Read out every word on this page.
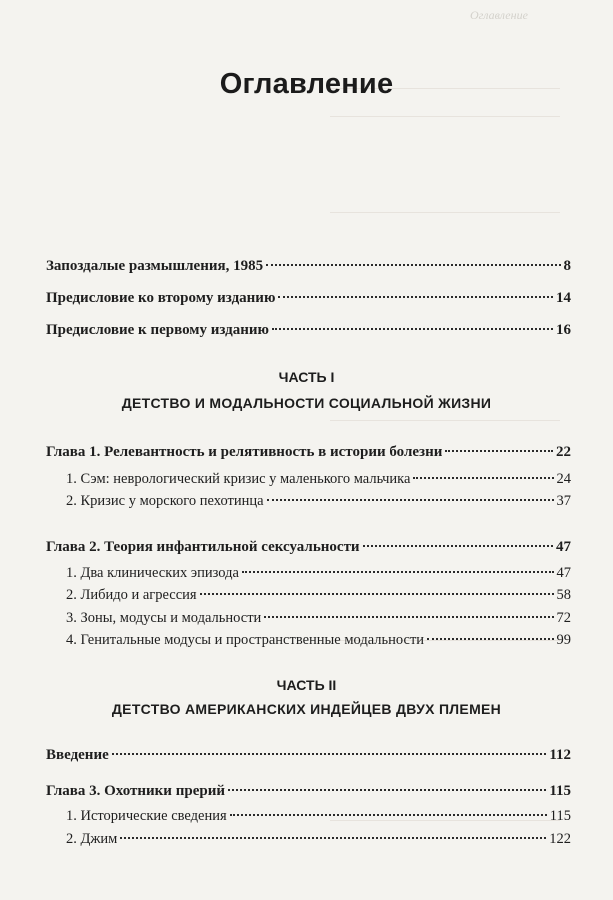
Оглавление
Оглавление
Запоздалые размышления, 1985	8
Предисловие ко второму изданию	14
Предисловие к первому изданию	16
ЧАСТЬ I
ДЕТСТВО И МОДАЛЬНОСТИ СОЦИАЛЬНОЙ ЖИЗНИ
Глава 1. Релевантность и релятивность в истории болезни	22
1. Сэм: неврологический кризис у маленького мальчика	24
2. Кризис у морского пехотинца	37
Глава 2. Теория инфантильной сексуальности	47
1. Два клинических эпизода	47
2. Либидо и агрессия	58
3. Зоны, модусы и модальности	72
4. Генитальные модусы и пространственные модальности	99
ЧАСТЬ II
ДЕТСТВО АМЕРИКАНСКИХ ИНДЕЙЦЕВ ДВУХ ПЛЕМЕН
Введение	112
Глава 3. Охотники прерий	115
1. Исторические сведения	115
2. Джим	122
